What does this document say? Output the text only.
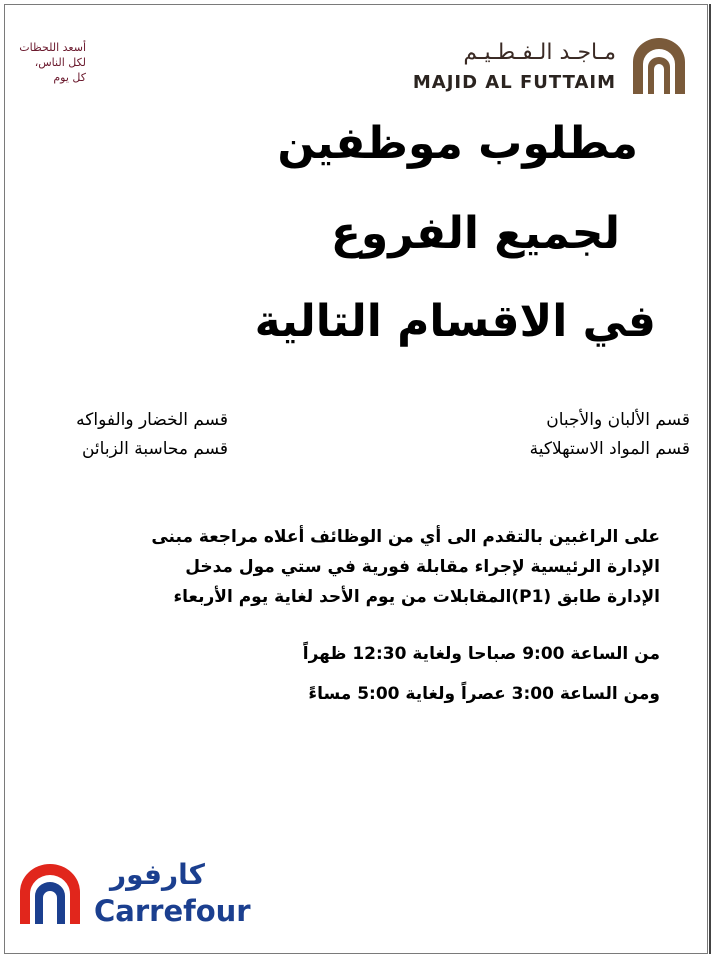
أسعد اللحظات
لكل الناس،
كل يوم
مـاجـد الـفـطـيـم
MAJID AL FUTTAIM
مطلوب موظفين
لجميع الفروع
في الاقسام التالية
قسم الألبان والأجبان
قسم المواد الاستهلاكية
قسم الخضار والفواكه
قسم محاسبة الزبائن
على الراغبين بالتقدم الى أي من الوظائف أعلاه مراجعة مبنى
الإدارة الرئيسية لإجراء مقابلة فورية في ستي مول مدخل
الإدارة طابق (P1)المقابلات من يوم الأحد لغاية يوم الأربعاء
من الساعة 9:00 صباحا ولغاية 12:30 ظهراً
ومن الساعة 3:00 عصراً ولغاية 5:00 مساءً
كارفور
Carrefour
